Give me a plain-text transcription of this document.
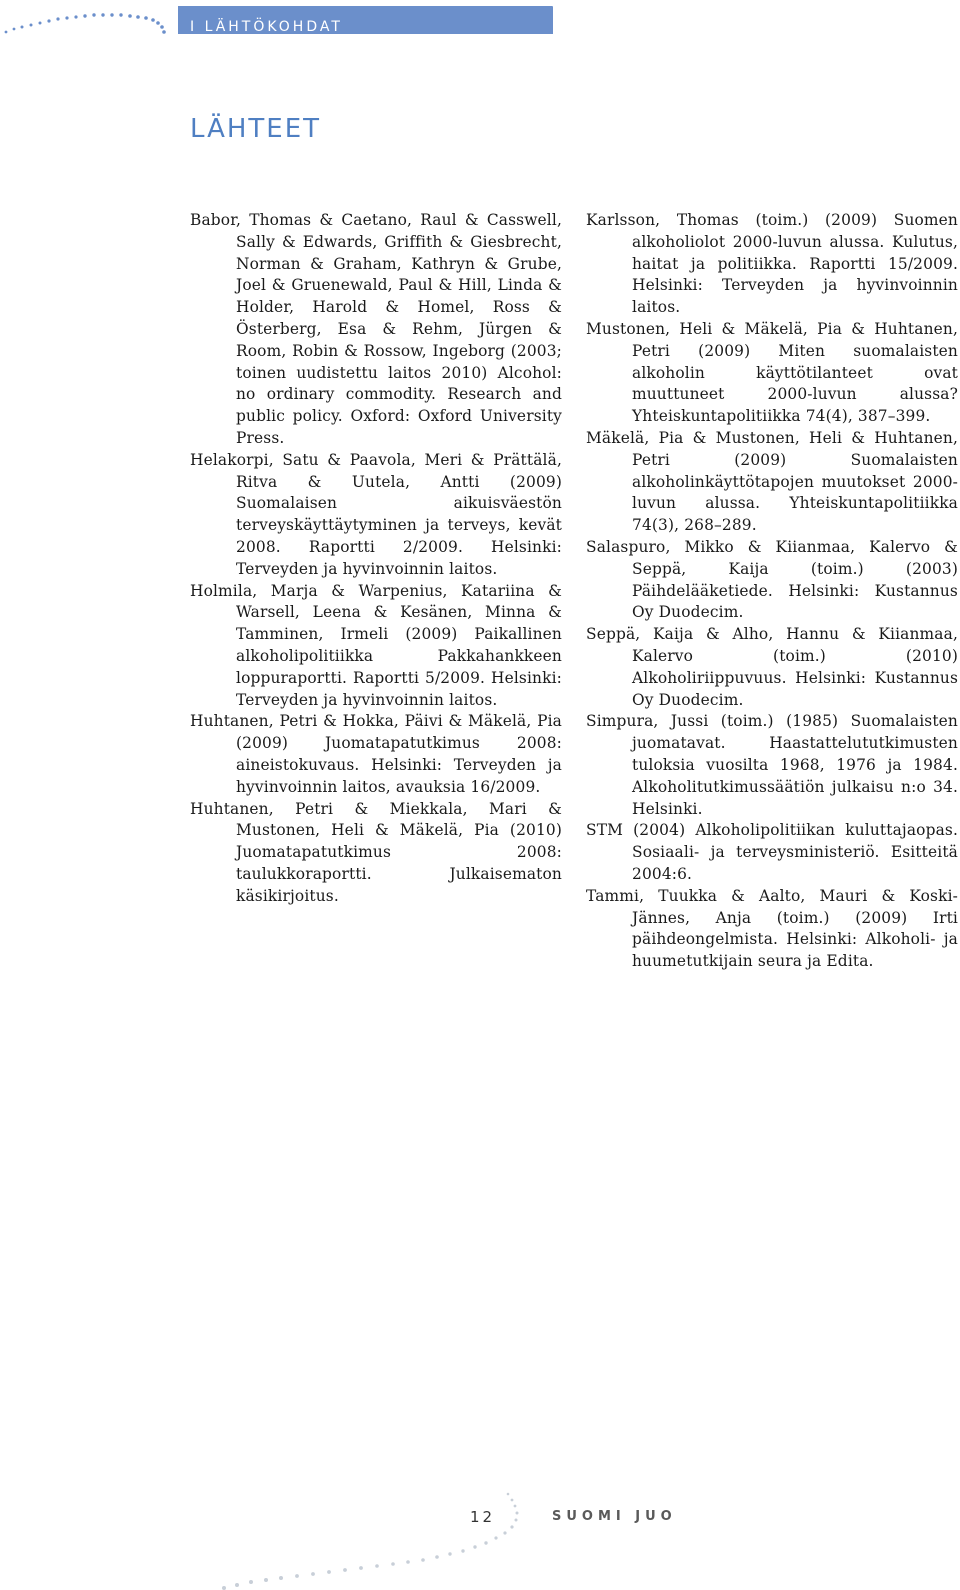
I LÄHTÖKOHDAT
LÄHTEET

Babor, Thomas & Caetano, Raul & Casswell, Sally & Edwards, Griffith & Giesbrecht, Norman & Graham, Kathryn & Grube, Joel & Gruenewald, Paul & Hill, Linda & Holder, Harold & Homel, Ross & Österberg, Esa & Rehm, Jürgen & Room, Robin & Rossow, Ingeborg (2003; toinen uudistettu laitos 2010) Alcohol: no ordinary commodity. Research and public policy. Oxford: Oxford University Press.

Helakorpi, Satu & Paavola, Meri & Prättälä, Ritva & Uutela, Antti (2009) Suomalaisen aikuisväestön terveyskäyttäytyminen ja terveys, kevät 2008. Raportti 2/2009. Helsinki: Terveyden ja hyvinvoinnin laitos.

Holmila, Marja & Warpenius, Katariina & Warsell, Leena & Kesänen, Minna & Tamminen, Irmeli (2009) Paikallinen alkoholipolitiikka Pakkahankkeen loppuraportti. Raportti 5/2009. Helsinki: Terveyden ja hyvinvoinnin laitos.

Huhtanen, Petri & Hokka, Päivi & Mäkelä, Pia (2009) Juomatapatutkimus 2008: aineistokuvaus. Helsinki: Terveyden ja hyvinvoinnin laitos, avauksia 16/2009.

Huhtanen, Petri & Miekkala, Mari & Mustonen, Heli & Mäkelä, Pia (2010) Juomatapatutkimus 2008: taulukkoraportti. Julkaisematon käsikirjoitus.

Karlsson, Thomas (toim.) (2009) Suomen alkoholiolot 2000-luvun alussa. Kulutus, haitat ja politiikka. Raportti 15/2009. Helsinki: Terveyden ja hyvinvoinnin laitos.

Mustonen, Heli & Mäkelä, Pia & Huhtanen, Petri (2009) Miten suomalaisten alkoholin käyttötilanteet ovat muuttuneet 2000-luvun alussa? Yhteiskuntapolitiikka 74(4), 387–399.

Mäkelä, Pia & Mustonen, Heli & Huhtanen, Petri (2009) Suomalaisten alkoholinkäyttötapojen muutokset 2000-luvun alussa. Yhteiskuntapolitiikka 74(3), 268–289.

Salaspuro, Mikko & Kiianmaa, Kalervo & Seppä, Kaija (toim.) (2003) Päihdelääketiede. Helsinki: Kustannus Oy Duodecim.

Seppä, Kaija & Alho, Hannu & Kiianmaa, Kalervo (toim.) (2010) Alkoholiriippuvuus. Helsinki: Kustannus Oy Duodecim.

Simpura, Jussi (toim.) (1985) Suomalaisten juomatavat. Haastattelututkimusten tuloksia vuosilta 1968, 1976 ja 1984. Alkoholitutkimussäätiön julkaisu n:o 34. Helsinki.

STM (2004) Alkoholipolitiikan kuluttajaopas. Sosiaali- ja terveysministeriö. Esitteitä 2004:6.

Tammi, Tuukka & Aalto, Mauri & Koski-Jännes, Anja (toim.) (2009) Irti päihdeongelmista. Helsinki: Alkoholi- ja huumetutkijain seura ja Edita.

12	SUOMI JUO
